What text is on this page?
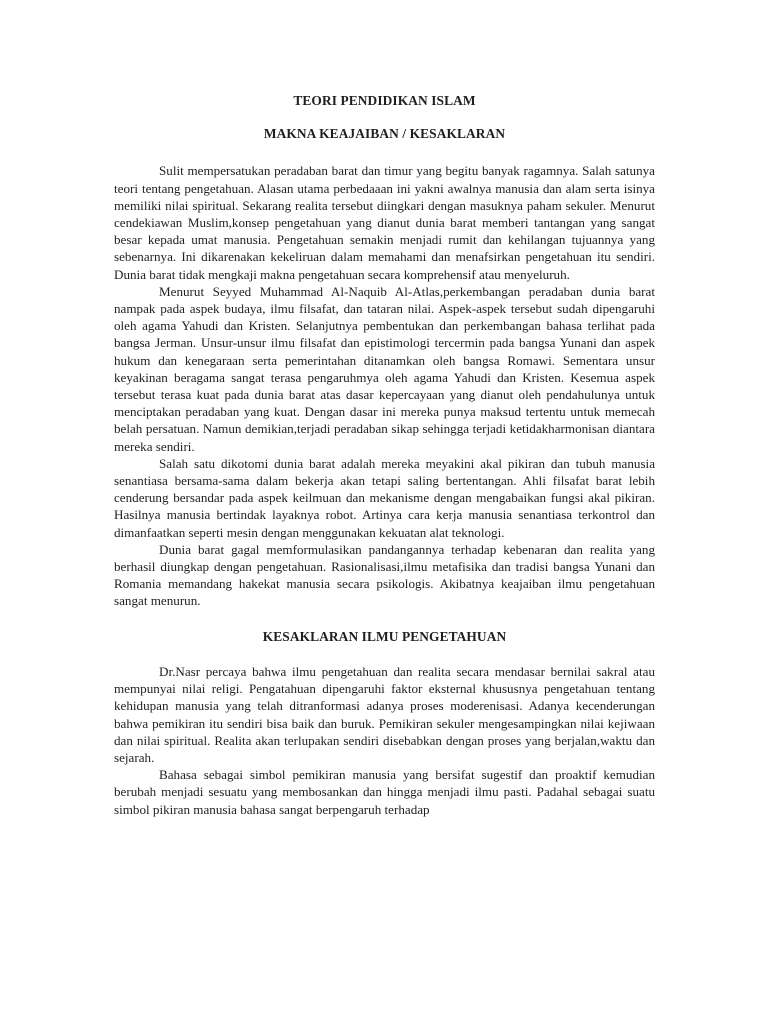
TEORI PENDIDIKAN ISLAM
MAKNA KEAJAIBAN / KESAKLARAN

Sulit mempersatukan peradaban barat dan timur yang begitu banyak ragamnya. Salah satunya teori tentang pengetahuan. Alasan utama perbedaaan ini yakni awalnya manusia dan alam serta isinya memiliki nilai spiritual. Sekarang realita tersebut diingkari dengan masuknya paham sekuler. Menurut cendekiawan Muslim,konsep pengetahuan yang dianut dunia barat memberi tantangan yang sangat besar kepada umat manusia. Pengetahuan semakin menjadi rumit dan kehilangan tujuannya yang sebenarnya. Ini dikarenakan kekeliruan dalam memahami dan menafsirkan pengetahuan itu sendiri. Dunia barat tidak mengkaji makna pengetahuan secara komprehensif atau menyeluruh.

Menurut Seyyed Muhammad Al-Naquib Al-Atlas,perkembangan peradaban dunia barat nampak pada aspek budaya, ilmu filsafat, dan tataran nilai. Aspek-aspek tersebut sudah dipengaruhi oleh agama Yahudi dan Kristen. Selanjutnya pembentukan dan perkembangan bahasa terlihat pada bangsa Jerman. Unsur-unsur ilmu filsafat dan epistimologi tercermin pada bangsa Yunani dan aspek hukum dan kenegaraan serta pemerintahan ditanamkan oleh bangsa Romawi. Sementara unsur keyakinan beragama sangat terasa pengaruhmya oleh agama Yahudi dan Kristen. Kesemua aspek tersebut terasa kuat pada dunia barat atas dasar kepercayaan yang dianut oleh pendahulunya untuk menciptakan peradaban yang kuat. Dengan dasar ini mereka punya maksud tertentu untuk memecah belah persatuan. Namun demikian,terjadi peradaban sikap sehingga terjadi ketidakharmonisan diantara mereka sendiri.

Salah satu dikotomi dunia barat adalah mereka meyakini akal pikiran dan tubuh manusia senantiasa bersama-sama dalam bekerja akan tetapi saling bertentangan. Ahli filsafat barat lebih cenderung bersandar pada aspek keilmuan dan mekanisme dengan mengabaikan fungsi akal pikiran. Hasilnya manusia bertindak layaknya robot. Artinya cara kerja manusia senantiasa terkontrol dan dimanfaatkan seperti mesin dengan menggunakan kekuatan alat teknologi.

Dunia barat gagal memformulasikan pandangannya terhadap kebenaran dan realita yang berhasil diungkap dengan pengetahuan. Rasionalisasi,ilmu metafisika dan tradisi bangsa Yunani dan Romania memandang hakekat manusia secara psikologis. Akibatnya keajaiban ilmu pengetahuan sangat menurun.

KESAKLARAN ILMU PENGETAHUAN

Dr.Nasr percaya bahwa ilmu pengetahuan dan realita secara mendasar bernilai sakral atau mempunyai nilai religi. Pengatahuan dipengaruhi faktor eksternal khususnya pengetahuan tentang kehidupan manusia yang telah ditranformasi adanya proses moderenisasi. Adanya kecenderungan bahwa pemikiran itu sendiri bisa baik dan buruk. Pemikiran sekuler mengesampingkan nilai kejiwaan dan nilai spiritual. Realita akan terlupakan sendiri disebabkan dengan proses yang berjalan,waktu dan sejarah.

Bahasa sebagai simbol pemikiran manusia yang bersifat sugestif dan proaktif kemudian berubah menjadi sesuatu yang membosankan dan hingga menjadi ilmu pasti. Padahal sebagai suatu simbol pikiran manusia bahasa sangat berpengaruh terhadap
